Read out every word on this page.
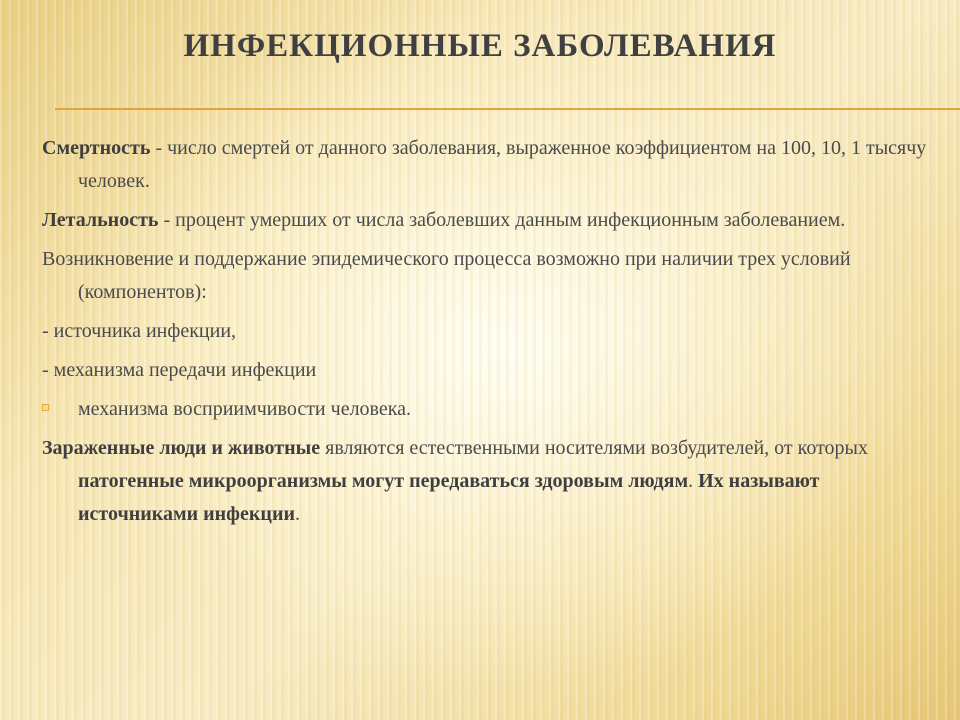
ИНФЕКЦИОННЫЕ ЗАБОЛЕВАНИЯ

Смертность - число смертей от данного заболевания, выраженное коэффициентом на 100, 10, 1 тысячу человек.

Летальность - процент умерших от числа заболевших данным инфекционным заболеванием.

Возникновение и поддержание эпидемического процесса возможно при наличии трех условий (компонентов):

- источника инфекции,

- механизма передачи инфекции

механизма восприимчивости человека.

Зараженные люди и животные являются естественными носителями возбудителей, от которых патогенные микроорганизмы могут передаваться здоровым людям. Их называют источниками инфекции.
